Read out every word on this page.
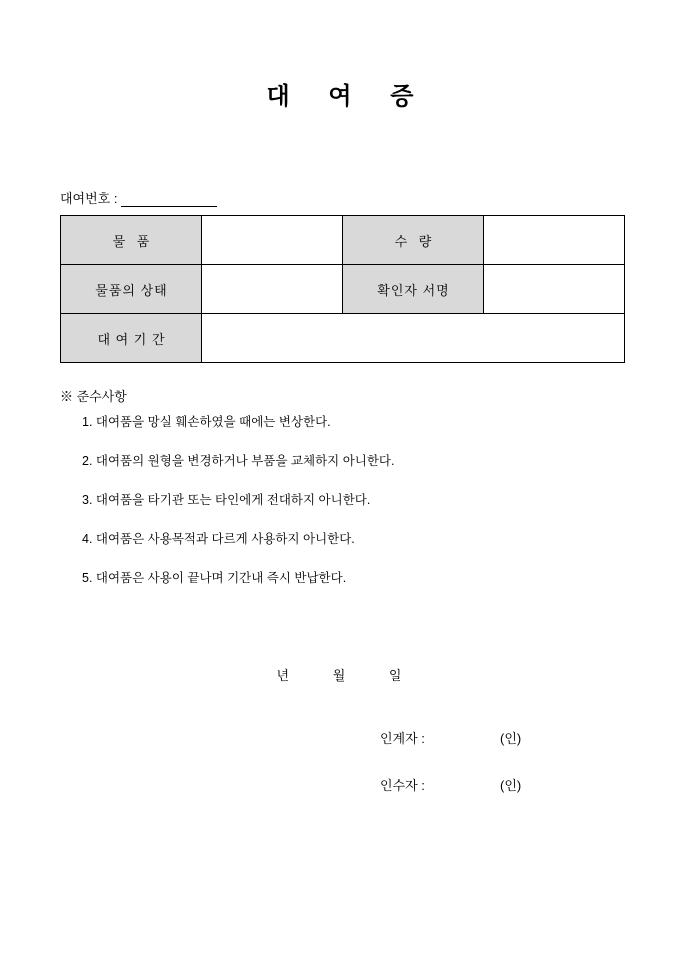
대 여 증
대여번호 :
물 품		수 량	
물품의 상태		확인자 서명	
대 여 기 간			
※ 준수사항
1. 대여품을 망실 훼손하였을 때에는 변상한다.
2. 대여품의 원형을 변경하거나 부품을 교체하지 아니한다.
3. 대여품을 타기관 또는 타인에게 전대하지 아니한다.
4. 대여품은 사용목적과 다르게 사용하지 아니한다.
5. 대여품은 사용이 끝나며 기간내 즉시 반납한다.
년	월	일
인계자 :	(인)
인수자 :	(인)
